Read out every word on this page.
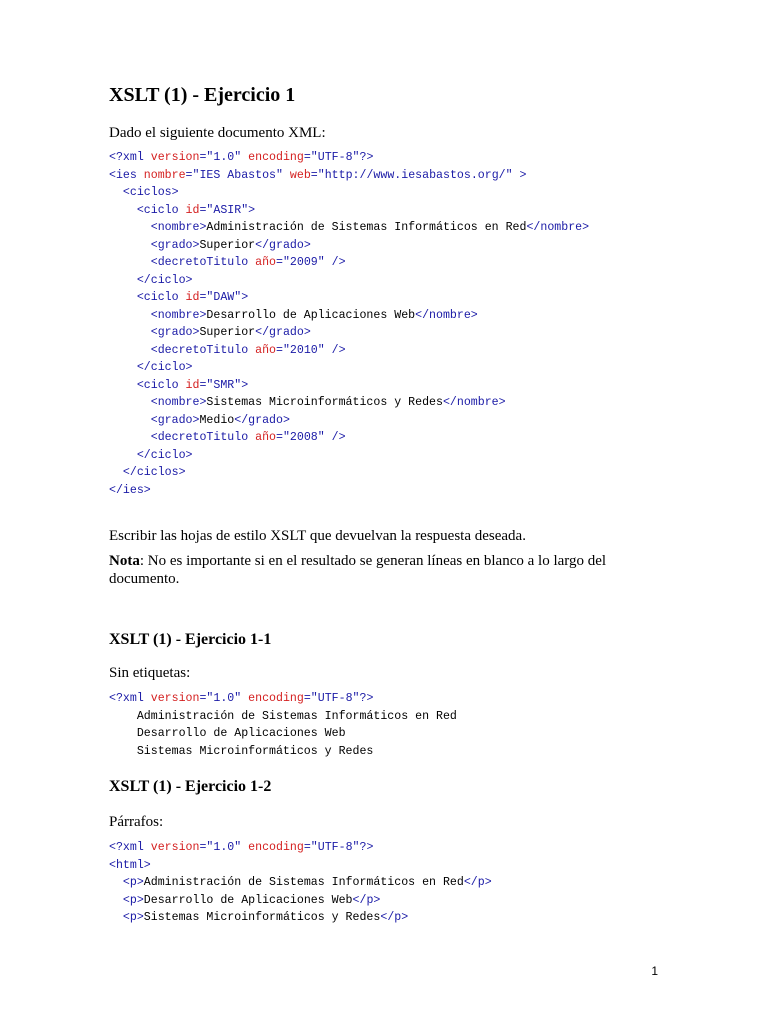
XSLT (1) - Ejercicio 1
Dado el siguiente documento XML:
<?xml version="1.0" encoding="UTF-8"?>
<ies nombre="IES Abastos" web="http://www.iesabastos.org/" >
<ciclos>
<ciclo id="ASIR">
<nombre>Administración de Sistemas Informáticos en Red</nombre>
<grado>Superior</grado>
<decretoTitulo año="2009" />
</ciclo>
<ciclo id="DAW">
<nombre>Desarrollo de Aplicaciones Web</nombre>
<grado>Superior</grado>
<decretoTitulo año="2010" />
</ciclo>
<ciclo id="SMR">
<nombre>Sistemas Microinformáticos y Redes</nombre>
<grado>Medio</grado>
<decretoTitulo año="2008" />
</ciclo>
</ciclos>
</ies>
Escribir las hojas de estilo XSLT que devuelvan la respuesta deseada.
Nota: No es importante si en el resultado se generan líneas en blanco a lo largo del documento.
XSLT (1) - Ejercicio 1-1
Sin etiquetas:
<?xml version="1.0" encoding="UTF-8"?>
Administración de Sistemas Informáticos en Red
Desarrollo de Aplicaciones Web
Sistemas Microinformáticos y Redes
XSLT (1) - Ejercicio 1-2
Párrafos:
<?xml version="1.0" encoding="UTF-8"?>
<html>
<p>Administración de Sistemas Informáticos en Red</p>
<p>Desarrollo de Aplicaciones Web</p>
<p>Sistemas Microinformáticos y Redes</p>
1
